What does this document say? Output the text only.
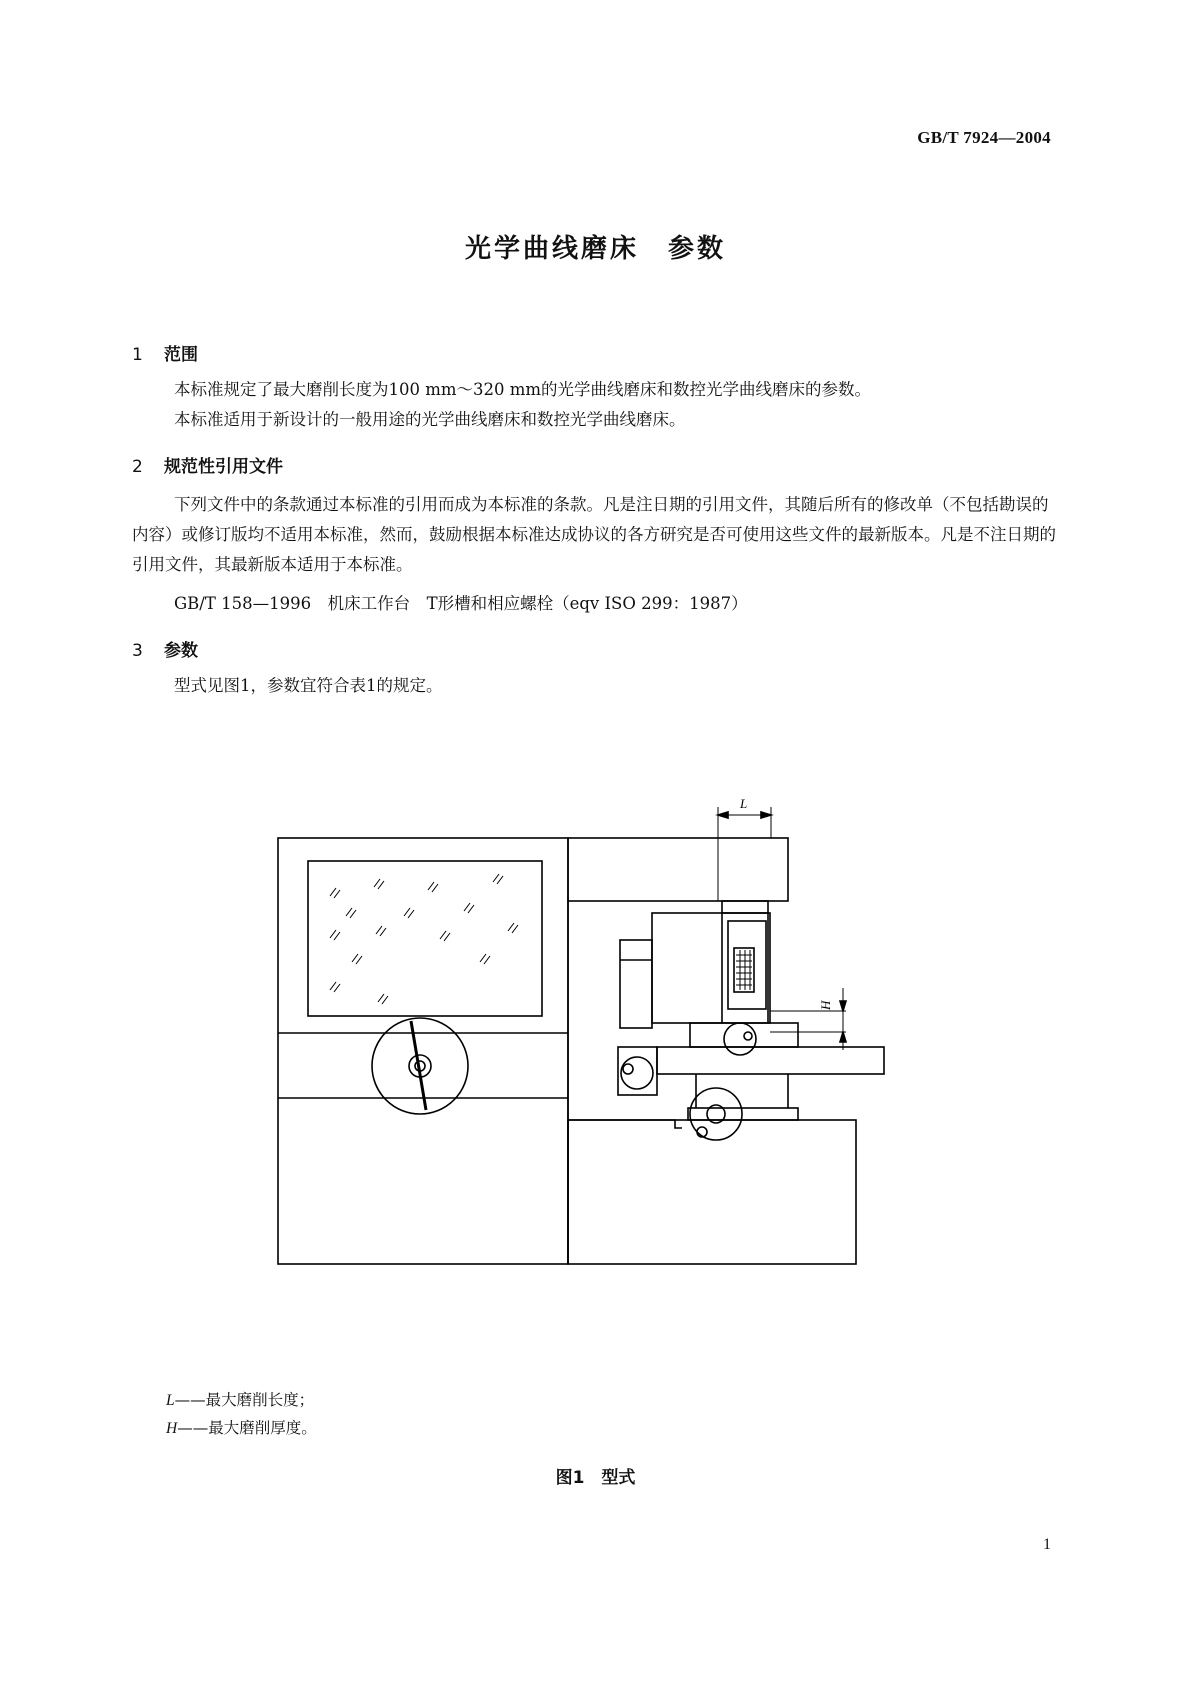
GB/T 7924—2004
光学曲线磨床　参数
1 范围
本标准规定了最大磨削长度为100 mm～320 mm的光学曲线磨床和数控光学曲线磨床的参数。
本标准适用于新设计的一般用途的光学曲线磨床和数控光学曲线磨床。
2 规范性引用文件
下列文件中的条款通过本标准的引用而成为本标准的条款。凡是注日期的引用文件，其随后所有的修改单（不包括勘误的内容）或修订版均不适用本标准，然而，鼓励根据本标准达成协议的各方研究是否可使用这些文件的最新版本。凡是不注日期的引用文件，其最新版本适用于本标准。
GB/T 158—1996　机床工作台　T形槽和相应螺栓（eqv ISO 299：1987）
3 参数
型式见图1，参数宜符合表1的规定。
L
H
L——最大磨削长度；
H——最大磨削厚度。
图1　型式
1
